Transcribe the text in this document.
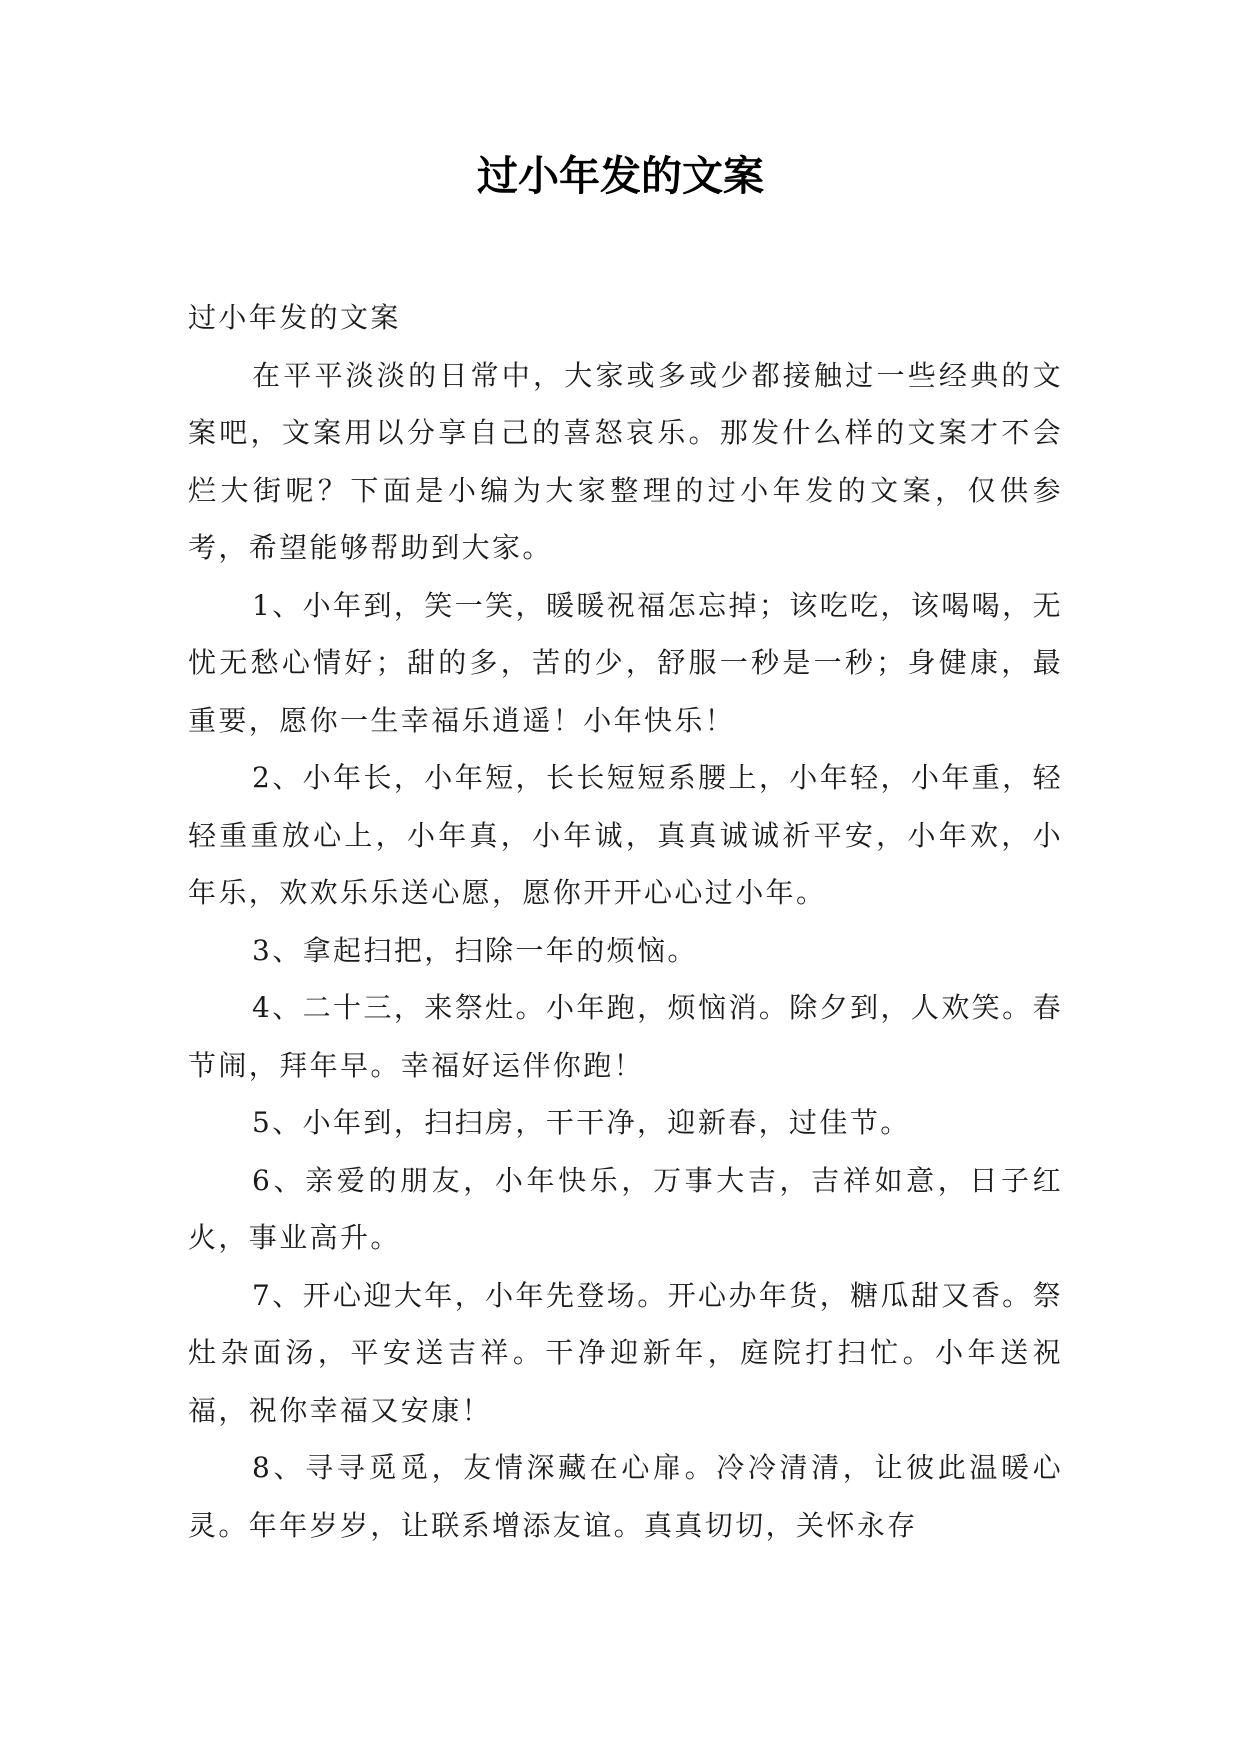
过小年发的文案

过小年发的文案

在平平淡淡的日常中，大家或多或少都接触过一些经典的文案吧，文案用以分享自己的喜怒哀乐。那发什么样的文案才不会烂大街呢？下面是小编为大家整理的过小年发的文案，仅供参考，希望能够帮助到大家。

1、小年到，笑一笑，暖暖祝福怎忘掉；该吃吃，该喝喝，无忧无愁心情好；甜的多，苦的少，舒服一秒是一秒；身健康，最重要，愿你一生幸福乐逍遥！小年快乐！

2、小年长，小年短，长长短短系腰上，小年轻，小年重，轻轻重重放心上，小年真，小年诚，真真诚诚祈平安，小年欢，小年乐，欢欢乐乐送心愿，愿你开开心心过小年。

3、拿起扫把，扫除一年的烦恼。

4、二十三，来祭灶。小年跑，烦恼消。除夕到，人欢笑。春节闹，拜年早。幸福好运伴你跑！

5、小年到，扫扫房，干干净，迎新春，过佳节。

6、亲爱的朋友，小年快乐，万事大吉，吉祥如意，日子红火，事业高升。

7、开心迎大年，小年先登场。开心办年货，糖瓜甜又香。祭灶杂面汤，平安送吉祥。干净迎新年，庭院打扫忙。小年送祝福，祝你幸福又安康！

8、寻寻觅觅，友情深藏在心扉。冷冷清清，让彼此温暖心灵。年年岁岁，让联系增添友谊。真真切切，关怀永存
